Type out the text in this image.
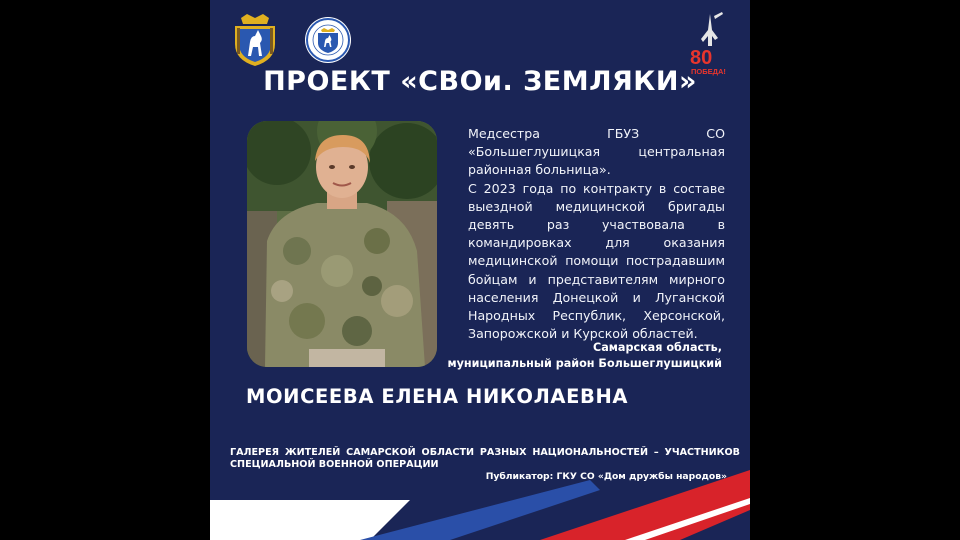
80
ПОБЕДА!
ПРОЕКТ «СВОи. ЗЕМЛЯКИ»

Медсестра ГБУЗ СО «Большеглушицкая центральная районная больница».

С 2023 года по контракту в составе выездной медицинской бригады девять раз участвовала в командировках для оказания медицинской помощи пострадавшим бойцам и представителям мирного населения Донецкой и Луганской Народных Республик, Херсонской, Запорожской и Курской областей.

Самарская область,
муниципальный район Большеглушицкий
МОИСЕЕВА ЕЛЕНА НИКОЛАЕВНА
ГАЛЕРЕЯ ЖИТЕЛЕЙ САМАРСКОЙ ОБЛАСТИ РАЗНЫХ НАЦИОНАЛЬНОСТЕЙ – УЧАСТНИКОВ СПЕЦИАЛЬНОЙ ВОЕННОЙ ОПЕРАЦИИ
Публикатор: ГКУ СО «Дом дружбы народов»
